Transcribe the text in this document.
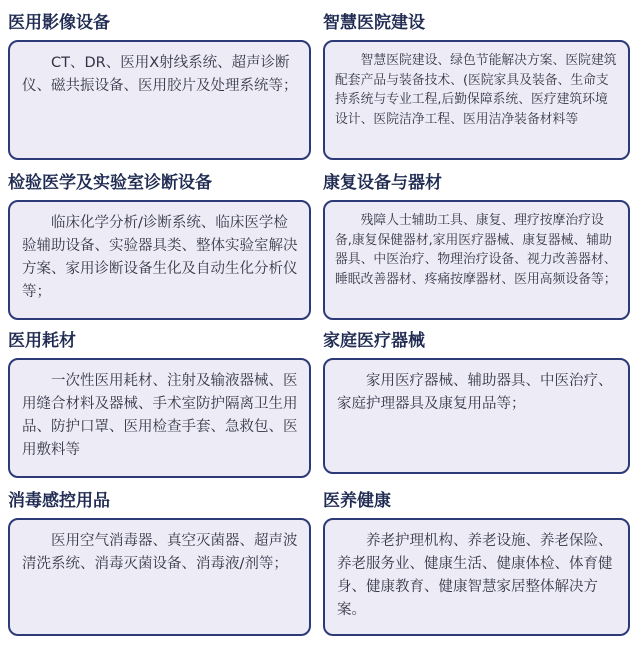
医用影像设备
CT、DR、医用X射线系统、超声诊断仪、磁共振设备、医用胶片及处理系统等；
智慧医院建设
智慧医院建设、绿色节能解决方案、医院建筑配套产品与装备技术、(医院家具及装备、生命支持系统与专业工程,后勤保障系统、医疗建筑环境设计、医院洁净工程、医用洁净装备材料等
检验医学及实验室诊断设备
临床化学分析/诊断系统、临床医学检验辅助设备、实验器具类、整体实验室解决方案、家用诊断设备生化及自动生化分析仪等；
康复设备与器材
残障人士辅助工具、康复、理疗按摩治疗设备,康复保健器材,家用医疗器械、康复器械、辅助器具、中医治疗、物理治疗设备、视力改善器材、睡眠改善器材、疼痛按摩器材、医用高频设备等；
医用耗材
一次性医用耗材、注射及输液器械、医用缝合材料及器械、手术室防护隔离卫生用品、防护口罩、医用检查手套、急救包、医用敷料等
家庭医疗器械
家用医疗器械、辅助器具、中医治疗、家庭护理器具及康复用品等；
消毒感控用品
医用空气消毒器、真空灭菌器、超声波清洗系统、消毒灭菌设备、消毒液/剂等；
医养健康
养老护理机构、养老设施、养老保险、养老服务业、健康生活、健康体检、体育健身、健康教育、健康智慧家居整体解决方案。
